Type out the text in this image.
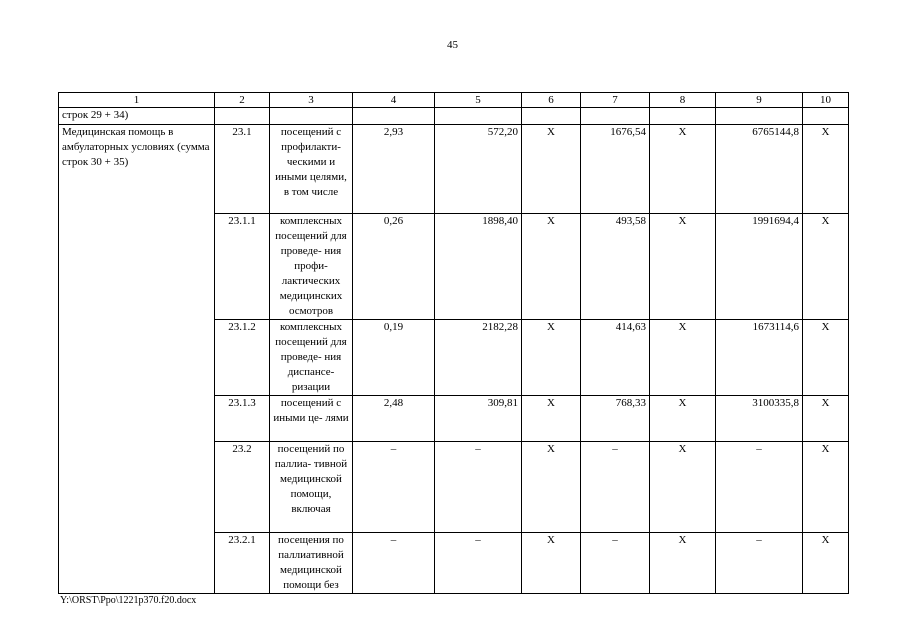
45
1	2	3	4	5	6	7	8	9	10
строк 29 + 34)									
Медицинская помощь в амбулаторных условиях (сумма строк 30 + 35)	23.1	посещений с профилакти- ческими и иными целями, в том числе	2,93	572,20	X	1676,54	X	6765144,8	X
	23.1.1	комплексных посещений для проведе- ния профи- лактических медицинских осмотров	0,26	1898,40	X	493,58	X	1991694,4	X
	23.1.2	комплексных посещений для проведе- ния диспансе- ризации	0,19	2182,28	X	414,63	X	1673114,6	X
	23.1.3	посещений с иными це- лями	2,48	309,81	X	768,33	X	3100335,8	X
	23.2	посещений по паллиа- тивной медицинской помощи, включая	–	–	X	–	X	–	X
	23.2.1	посещения по паллиативной медицинской помощи без	–	–	X	–	X	–	X
Y:\ORST\Ppo\1221p370.f20.docx
